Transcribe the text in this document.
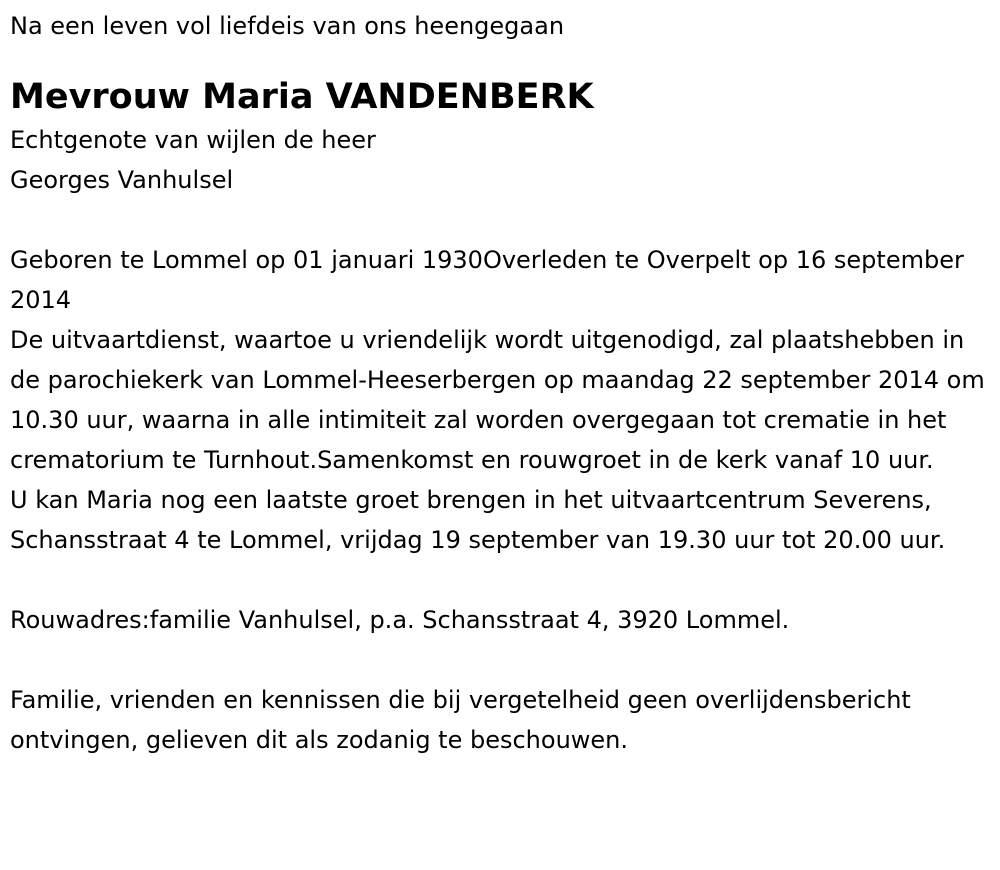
Na een leven vol liefdeis van ons heengegaan

Mevrouw Maria VANDENBERK

Echtgenote van wijlen de heer

Georges Vanhulsel

Geboren te Lommel op 01 januari 1930Overleden te Overpelt op 16 september 2014

De uitvaartdienst, waartoe u vriendelijk wordt uitgenodigd, zal plaatshebben in de parochiekerk van Lommel-Heeserbergen op maandag 22 september 2014 om 10.30 uur, waarna in alle intimiteit zal worden overgegaan tot crematie in het crematorium te Turnhout.Samenkomst en rouwgroet in de kerk vanaf 10 uur.

U kan Maria nog een laatste groet brengen in het uitvaartcentrum Severens, Schansstraat 4 te Lommel, vrijdag 19 september van 19.30 uur tot 20.00 uur.

Rouwadres:familie Vanhulsel, p.a. Schansstraat 4, 3920 Lommel.

Familie, vrienden en kennissen die bij vergetelheid geen overlijdensbericht ontvingen, gelieven dit als zodanig te beschouwen.
